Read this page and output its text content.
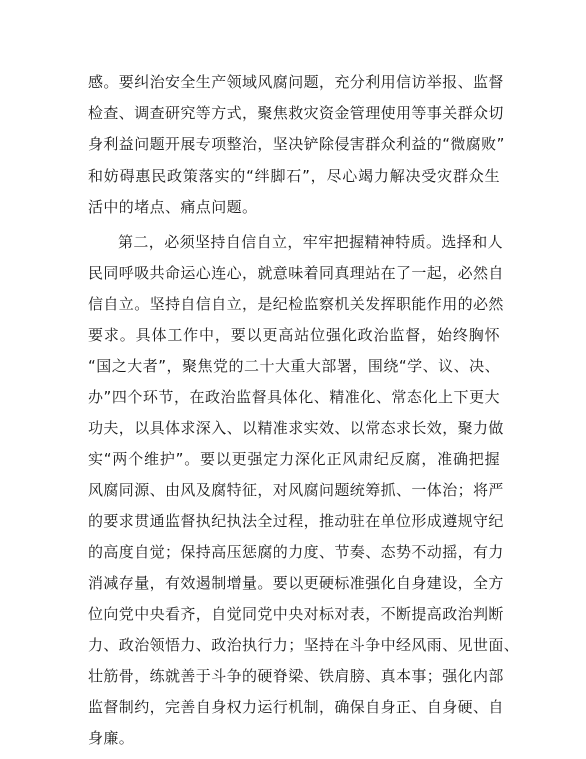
感。要纠治安全生产领域风腐问题，充分利用信访举报、监督
检查、调查研究等方式，聚焦救灾资金管理使用等事关群众切
身利益问题开展专项整治，坚决铲除侵害群众利益的“微腐败”
和妨碍惠民政策落实的“绊脚石”，尽心竭力解决受灾群众生
活中的堵点、痛点问题。
第二，必须坚持自信自立，牢牢把握精神特质。选择和人
民同呼吸共命运心连心，就意味着同真理站在了一起，必然自
信自立。坚持自信自立，是纪检监察机关发挥职能作用的必然
要求。具体工作中，要以更高站位强化政治监督，始终胸怀
“国之大者”，聚焦党的二十大重大部署，围绕“学、议、决、
办”四个环节，在政治监督具体化、精准化、常态化上下更大
功夫，以具体求深入、以精准求实效、以常态求长效，聚力做
实“两个维护”。要以更强定力深化正风肃纪反腐，准确把握
风腐同源、由风及腐特征，对风腐问题统筹抓、一体治；将严
的要求贯通监督执纪执法全过程，推动驻在单位形成遵规守纪
的高度自觉；保持高压惩腐的力度、节奏、态势不动摇，有力
消减存量，有效遏制增量。要以更硬标准强化自身建设，全方
位向党中央看齐，自觉同党中央对标对表，不断提高政治判断
力、政治领悟力、政治执行力；坚持在斗争中经风雨、见世面、
壮筋骨，练就善于斗争的硬脊梁、铁肩膀、真本事；强化内部
监督制约，完善自身权力运行机制，确保自身正、自身硬、自
身廉。
